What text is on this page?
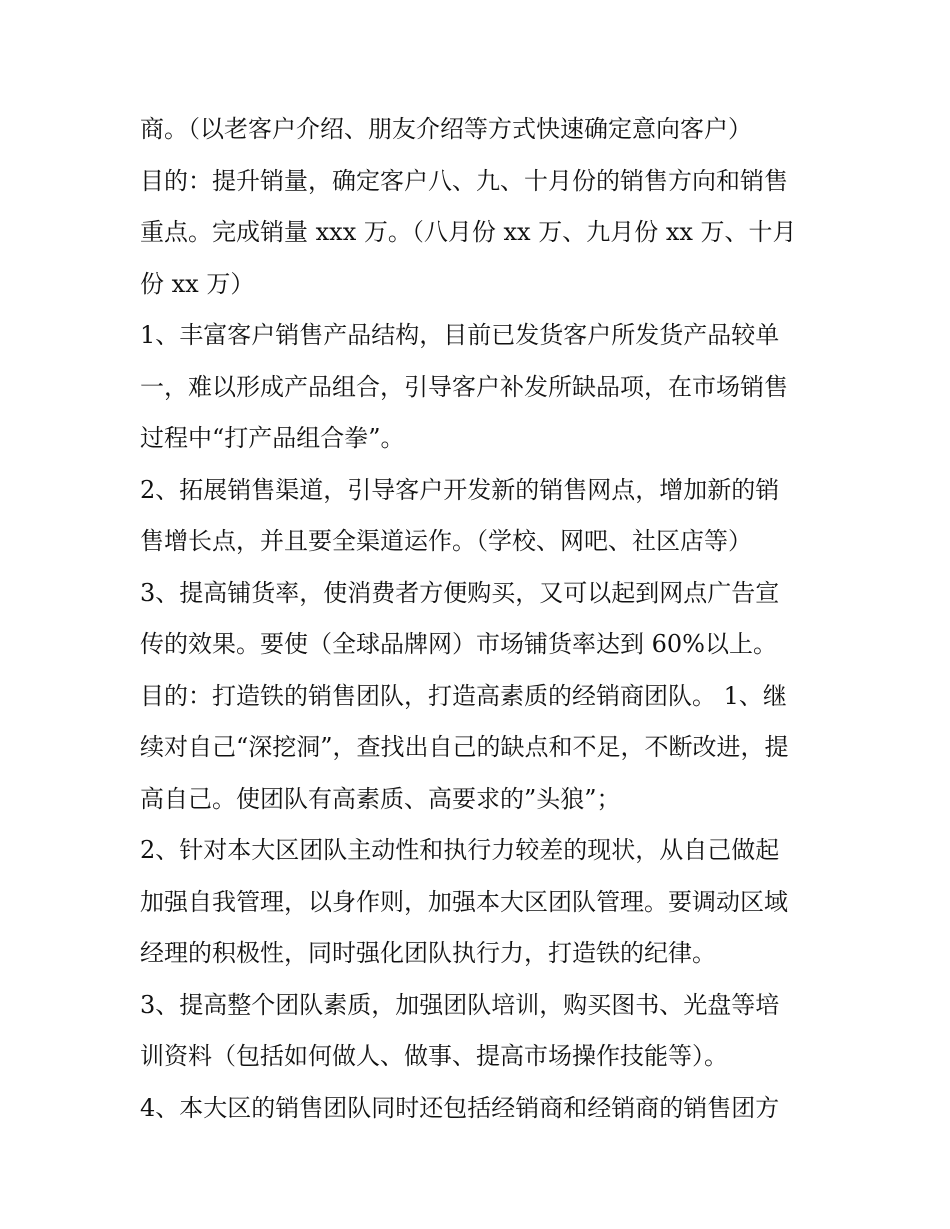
商。（以老客户介绍、朋友介绍等方式快速确定意向客户）
目的：提升销量，确定客户八、九、十月份的销售方向和销售
重点。完成销量 xxx 万。（八月份 xx 万、九月份 xx 万、十月
份 xx 万）
1、丰富客户销售产品结构，目前已发货客户所发货产品较单
一，难以形成产品组合，引导客户补发所缺品项，在市场销售
过程中“打产品组合拳”。
2、拓展销售渠道，引导客户开发新的销售网点，增加新的销
售增长点，并且要全渠道运作。（学校、网吧、社区店等）
3、提高铺货率，使消费者方便购买，又可以起到网点广告宣
传的效果。要使（全球品牌网）市场铺货率达到 60%以上。
目的：打造铁的销售团队，打造高素质的经销商团队。 1、继
续对自己“深挖洞”，查找出自己的缺点和不足，不断改进，提
高自己。使团队有高素质、高要求的”头狼”；
2、针对本大区团队主动性和执行力较差的现状，从自己做起
加强自我管理，以身作则，加强本大区团队管理。要调动区域
经理的积极性，同时强化团队执行力，打造铁的纪律。
3、提高整个团队素质，加强团队培训，购买图书、光盘等培
训资料（包括如何做人、做事、提高市场操作技能等）。
4、本大区的销售团队同时还包括经销商和经销商的销售团方
